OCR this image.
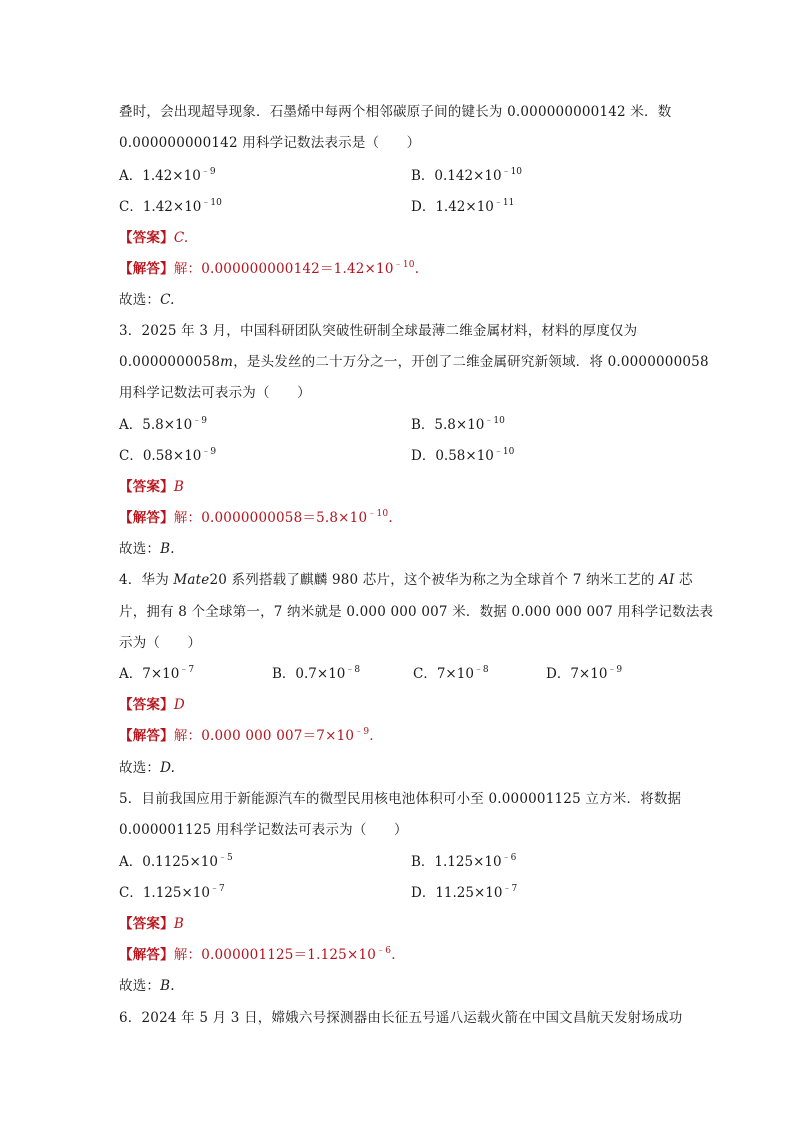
叠时，会出现超导现象．石墨烯中每两个相邻碳原子间的键长为 0.000000000142 米．数
0.000000000142 用科学记数法表示是（　　）
A．$1.42\times 10^{﹣9}$	B．$0.142\times 10^{﹣10}$
C．$1.42\times 10^{﹣10}$	D．$1.42\times 10^{﹣11}$
【答案】C.
【解答】解：$0.000000000142=1.42\times 10^{﹣10}$.
故选：C.
3．2025 年 3 月，中国科研团队突破性研制全球最薄二维金属材料，材料的厚度仅为
0.0000000058m，是头发丝的二十万分之一，开创了二维金属研究新领域．将 0.0000000058
用科学记数法可表示为（　　）
A．$5.8\times 10^{﹣9}$	B．$5.8\times 10^{﹣10}$
C．$0.58\times 10^{﹣9}$	D．$0.58\times 10^{﹣10}$
【答案】B
【解答】解：$0.0000000058=5.8\times 10^{﹣10}$.
故选：B.
4．华为 Mate20 系列搭载了麒麟 980 芯片，这个被华为称之为全球首个 7 纳米工艺的 AI 芯
片，拥有 8 个全球第一，7 纳米就是 0.000 000 007 米．数据 0.000 000 007 用科学记数法表
示为（　　）
A．$7\times 10^{﹣7}$	B．$0.7\times 10^{﹣8}$	C．$7\times 10^{﹣8}$	D．$7\times 10^{﹣9}$
【答案】D
【解答】解：0.000 000 $007=7\times 10^{﹣9}$．
故选：D.
5．目前我国应用于新能源汽车的微型民用核电池体积可小至 0.000001125 立方米．将数据
0.000001125 用科学记数法可表示为（　　）
A．$0.1125\times 10^{﹣5}$	B．$1.125\times 10^{﹣6}$
C．$1.125\times 10^{﹣7}$	D．$11.25\times 10^{﹣7}$
【答案】B
【解答】解：$0.000001125=1.125\times 10^{﹣6}$.
故选：B.
6．2024 年 5 月 3 日，嫦娥六号探测器由长征五号遥八运载火箭在中国文昌航天发射场成功
